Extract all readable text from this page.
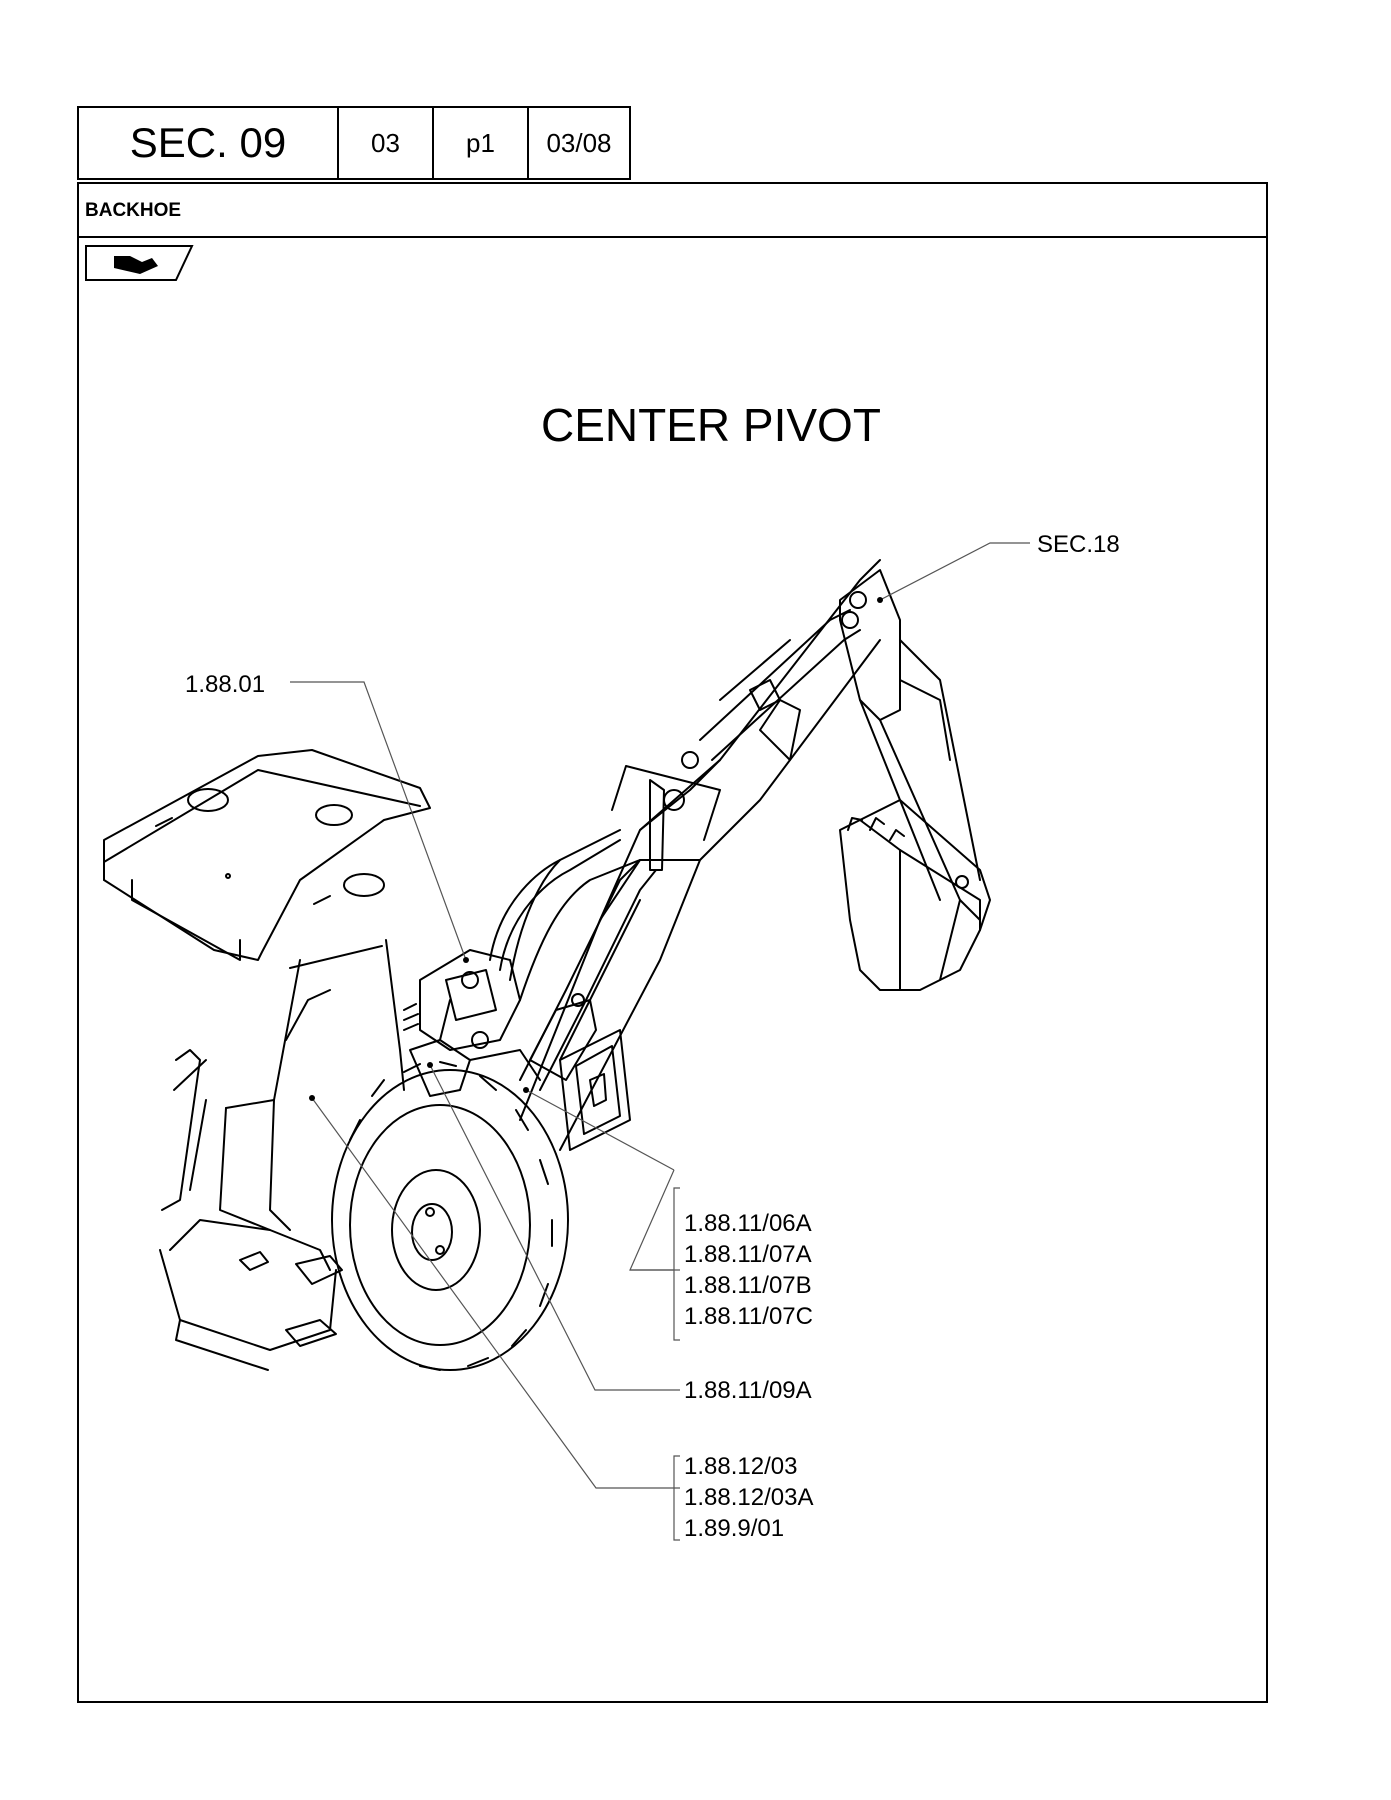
SEC. 09	03	p1 03/08
BACKHOE
CENTER PIVOT
SEC.18
1.88.01
1.88.11/06A
1.88.11/07A
1.88.11/07B
1.88.11/07C
1.88.11/09A
1.88.12/03
1.88.12/03A
1.89.9/01
